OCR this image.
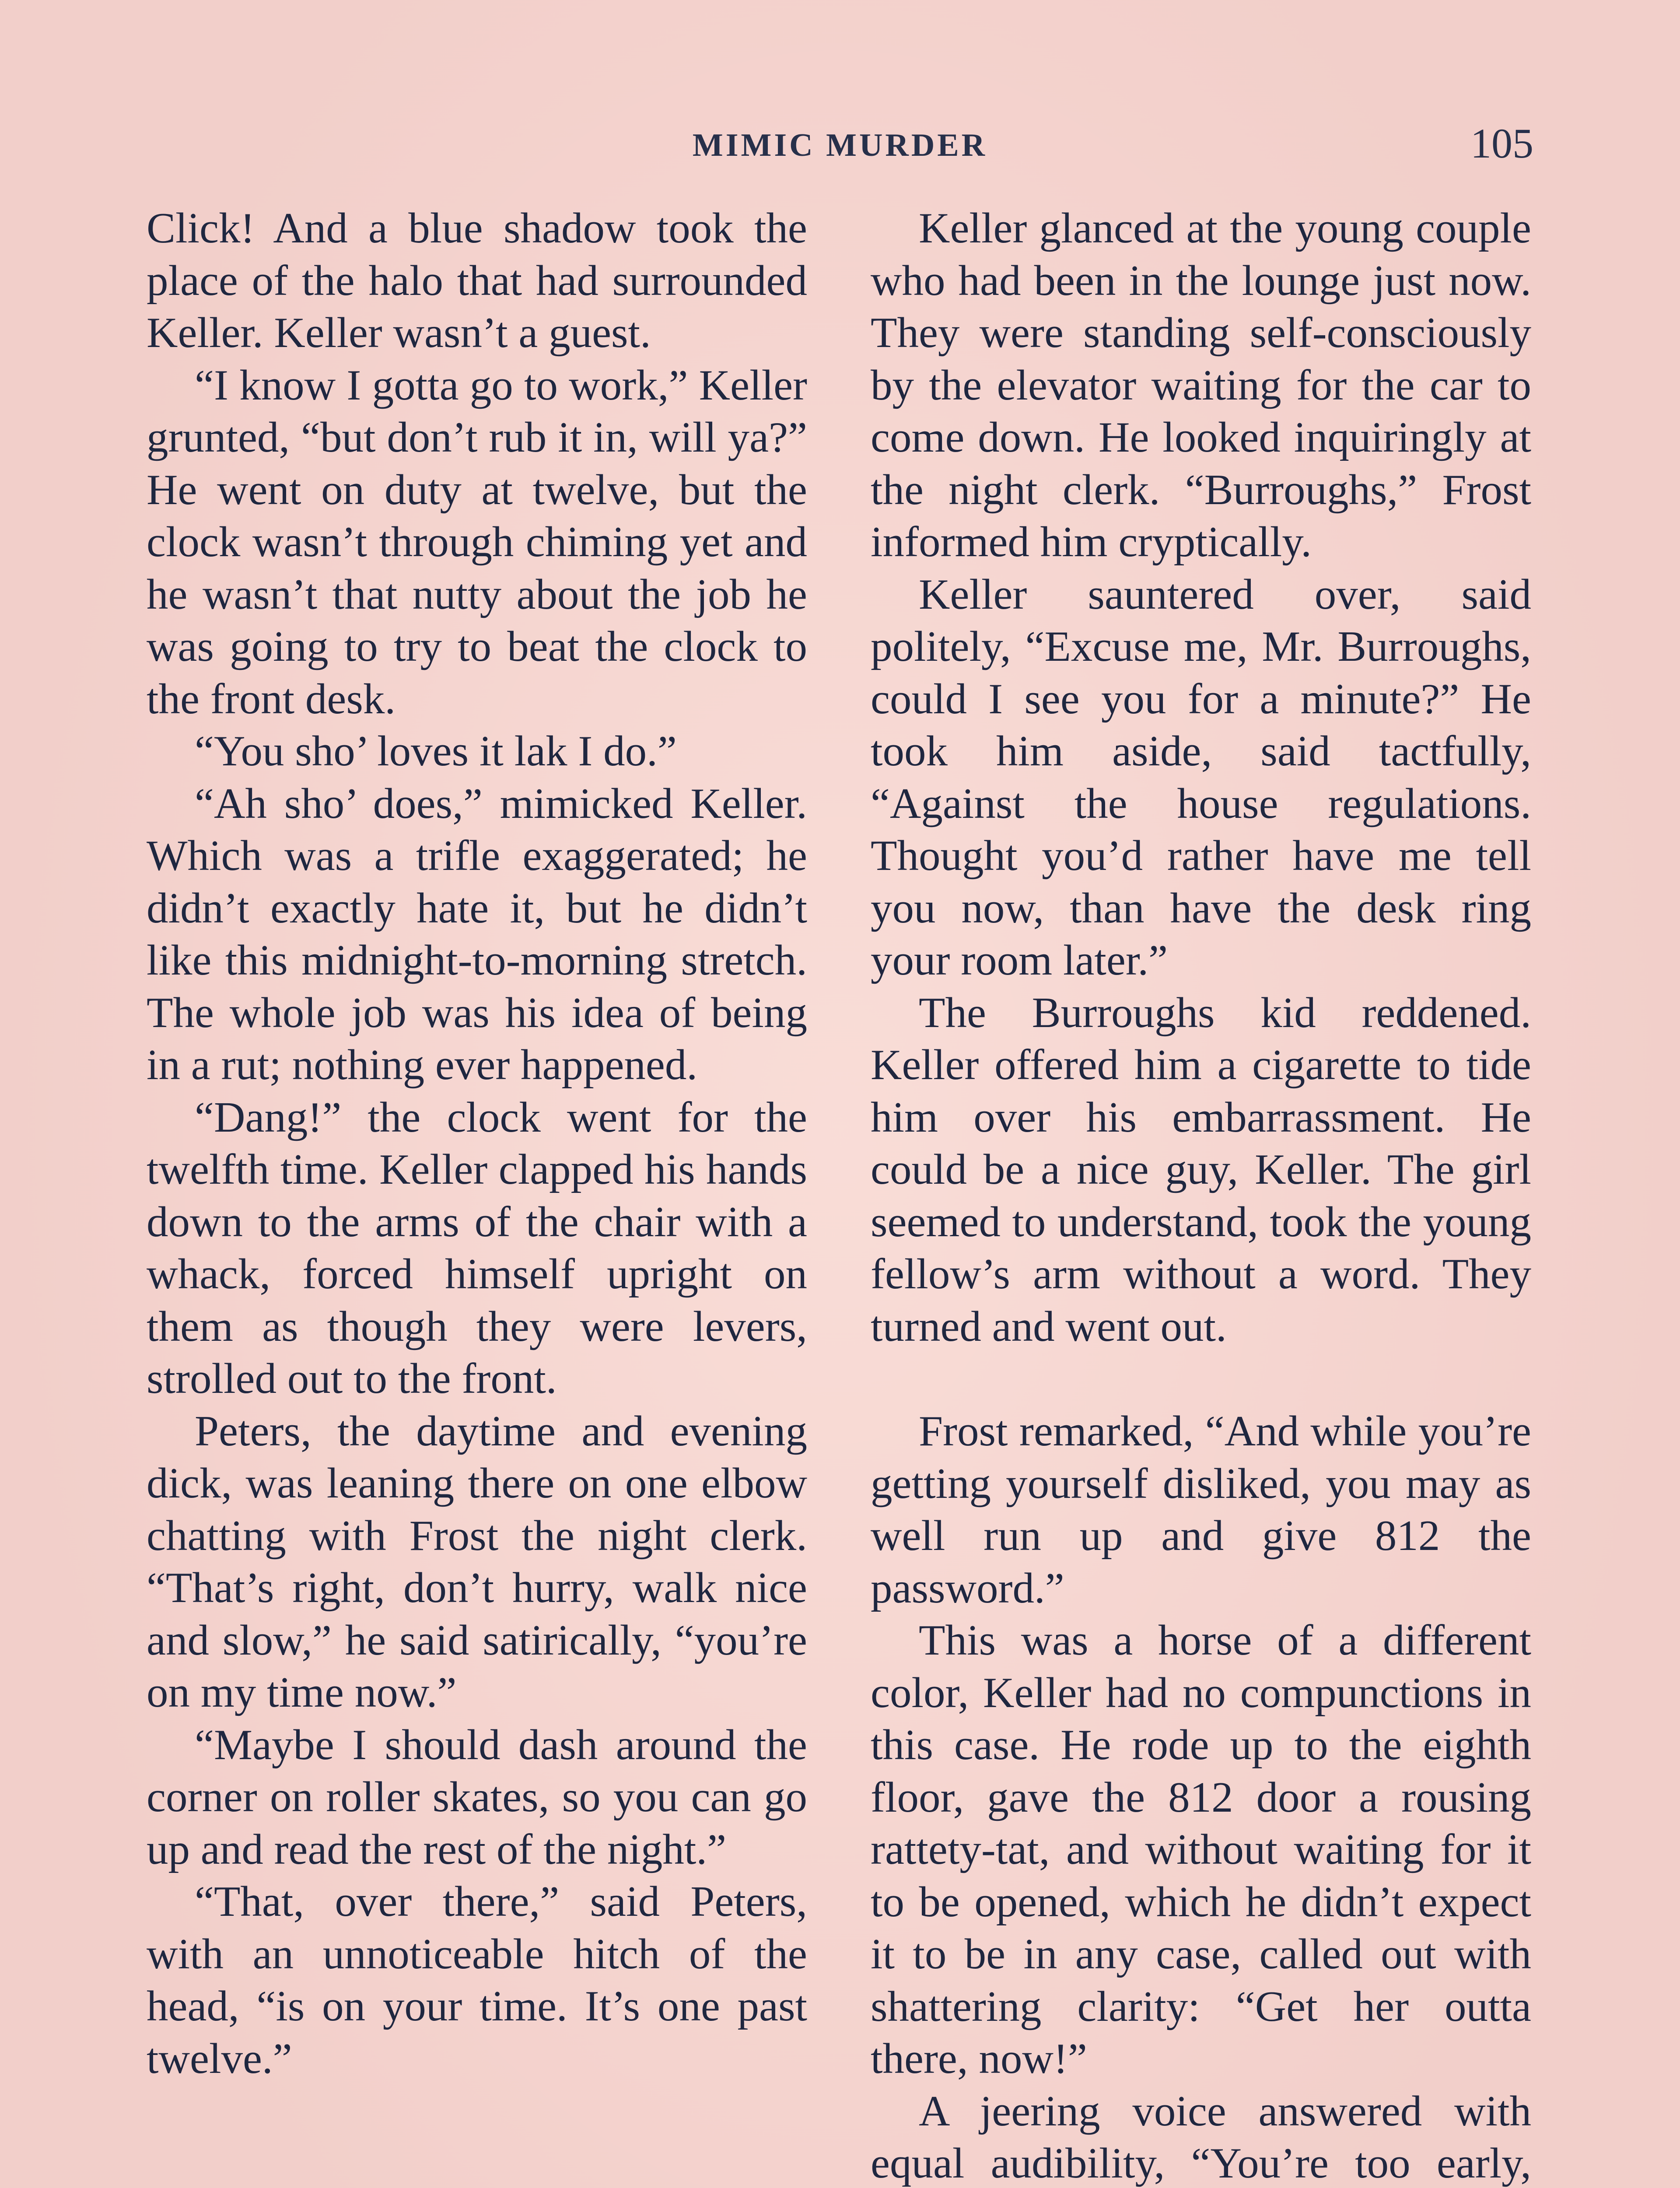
MIMIC MURDER	105

Click! And a blue shadow took the place of the halo that had surrounded Keller. Keller wasn’t a guest.

“I know I gotta go to work,” Keller grunted, “but don’t rub it in, will ya?” He went on duty at twelve, but the clock wasn’t through chiming yet and he wasn’t that nutty about the job he was going to try to beat the clock to the front desk.

“You sho’ loves it lak I do.”

“Ah sho’ does,” mimicked Keller. Which was a trifle exaggerated; he didn’t exactly hate it, but he didn’t like this midnight-to-morning stretch. The whole job was his idea of being in a rut; nothing ever happened.

“Dang!” the clock went for the twelfth time. Keller clapped his hands down to the arms of the chair with a whack, forced himself upright on them as though they were levers, strolled out to the front.

Peters, the daytime and evening dick, was leaning there on one elbow chatting with Frost the night clerk. “That’s right, don’t hurry, walk nice and slow,” he said satirically, “you’re on my time now.”

“Maybe I should dash around the corner on roller skates, so you can go up and read the rest of the night.”

“That, over there,” said Peters, with an unnoticeable hitch of the head, “is on your time. It’s one past twelve.”

Keller glanced at the young couple who had been in the lounge just now. They were standing self-consciously by the elevator waiting for the car to come down. He looked inquiringly at the night clerk. “Burroughs,” Frost informed him cryptically.

Keller sauntered over, said politely, “Excuse me, Mr. Burroughs, could I see you for a minute?” He took him aside, said tactfully, “Against the house regulations. Thought you’d rather have me tell you now, than have the desk ring your room later.”

The Burroughs kid reddened. Keller offered him a cigarette to tide him over his embarrassment. He could be a nice guy, Keller. The girl seemed to understand, took the young fellow’s arm without a word. They turned and went out.

Frost remarked, “And while you’re getting yourself disliked, you may as well run up and give 812 the password.”

This was a horse of a different color, Keller had no compunctions in this case. He rode up to the eighth floor, gave the 812 door a rousing rattety-tat, and without waiting for it to be opened, which he didn’t expect it to be in any case, called out with shattering clarity: “Get her outta there, now!”

A jeering voice answered with equal audibility, “You’re too early,
